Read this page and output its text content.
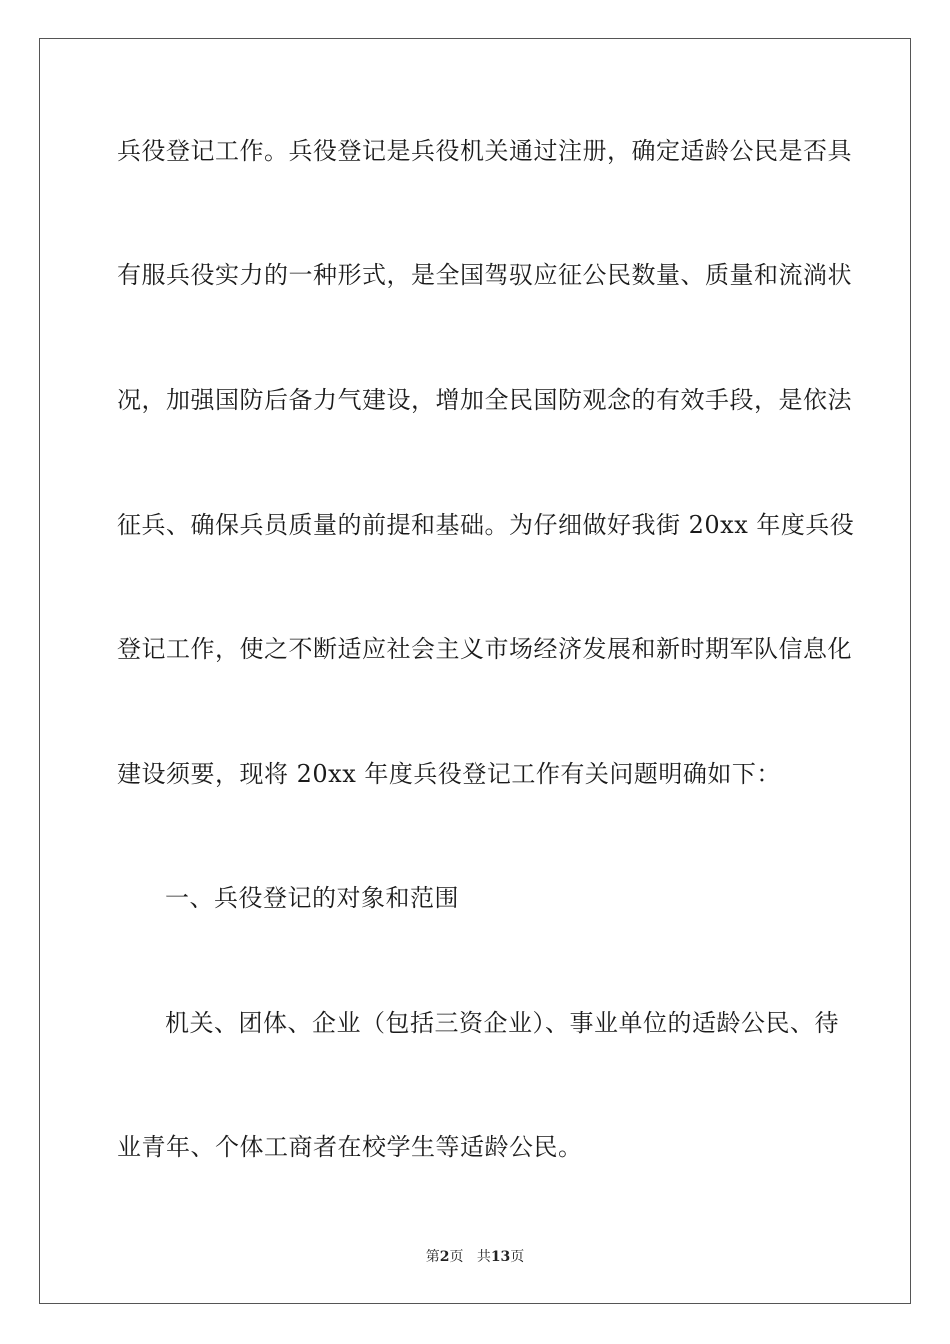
兵役登记工作。兵役登记是兵役机关通过注册，确定适龄公民是否具
有服兵役实力的一种形式，是全国驾驭应征公民数量、质量和流淌状
况，加强国防后备力气建设，增加全民国防观念的有效手段，是依法
征兵、确保兵员质量的前提和基础。为仔细做好我街 20xx 年度兵役
登记工作，使之不断适应社会主义市场经济发展和新时期军队信息化
建设须要，现将 20xx 年度兵役登记工作有关问题明确如下：
一、兵役登记的对象和范围
机关、团体、企业（包括三资企业）、事业单位的适龄公民、待
业青年、个体工商者在校学生等适龄公民。
第2页 共13页
